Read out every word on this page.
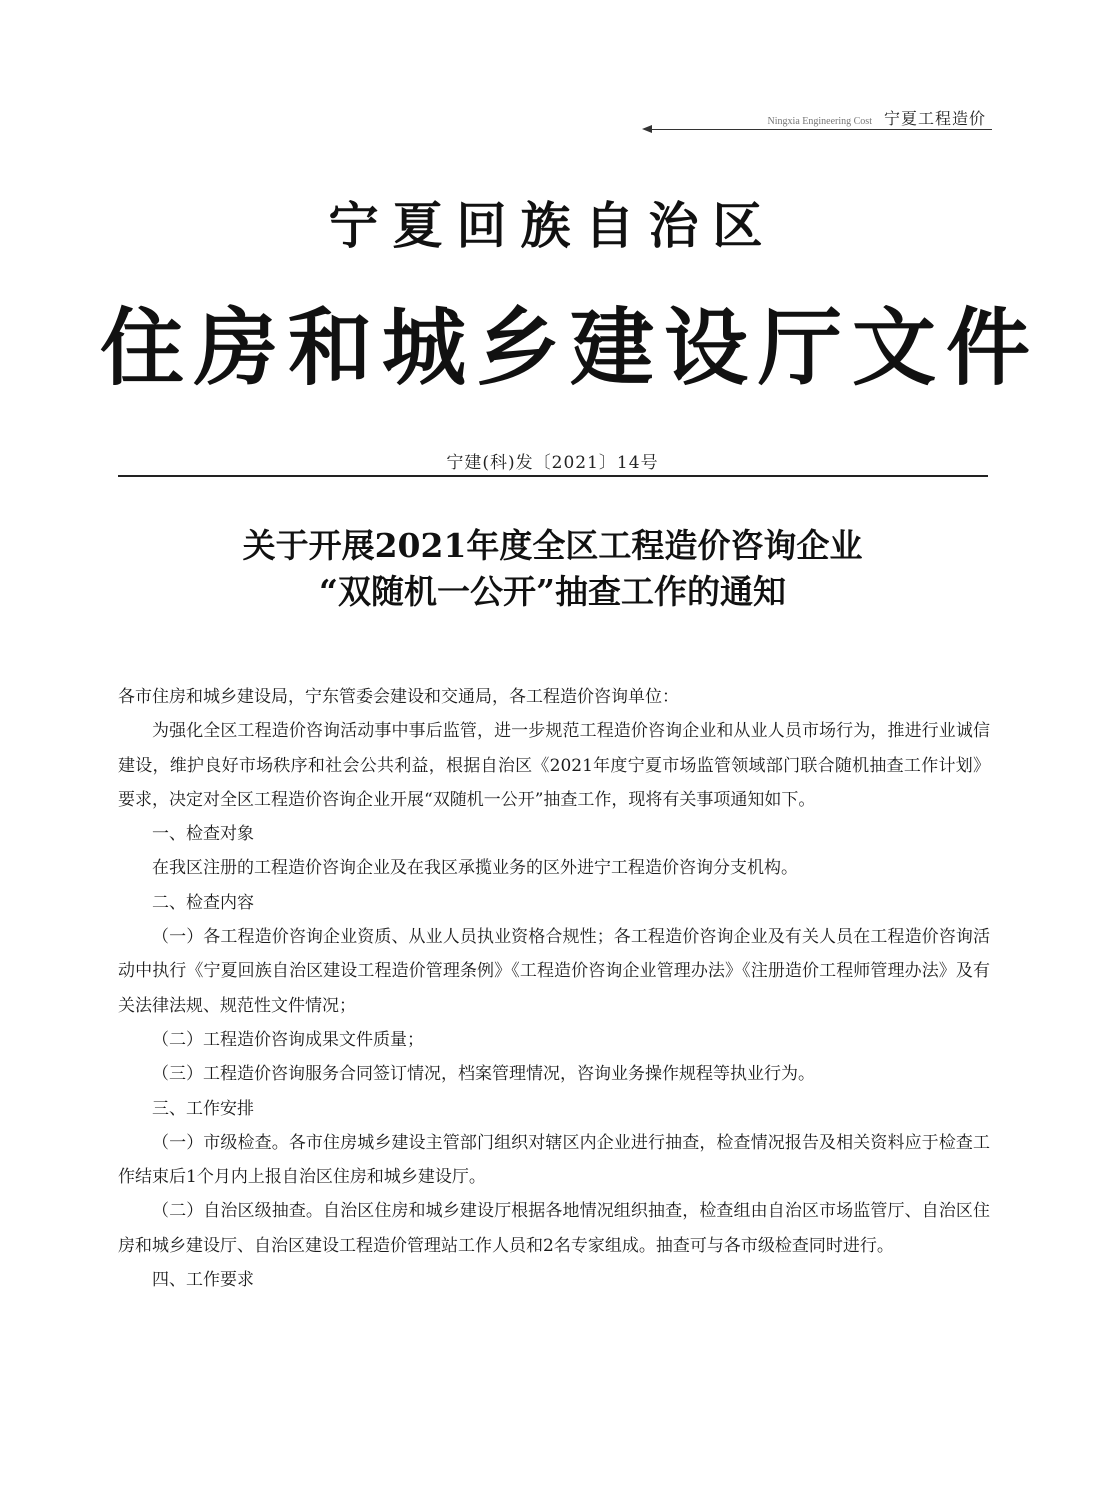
Ningxia Engineering Cost 宁夏工程造价
宁夏回族自治区
住房和城乡建设厅文件
宁建(科)发〔2021〕14号
关于开展2021年度全区工程造价咨询企业
“双随机一公开”抽查工作的通知

各市住房和城乡建设局，宁东管委会建设和交通局，各工程造价咨询单位：

为强化全区工程造价咨询活动事中事后监管，进一步规范工程造价咨询企业和从业人员市场行为，推进行业诚信建设，维护良好市场秩序和社会公共利益，根据自治区《2021年度宁夏市场监管领域部门联合随机抽查工作计划》要求，决定对全区工程造价咨询企业开展“双随机一公开”抽查工作，现将有关事项通知如下。

一、检查对象

在我区注册的工程造价咨询企业及在我区承揽业务的区外进宁工程造价咨询分支机构。

二、检查内容

（一）各工程造价咨询企业资质、从业人员执业资格合规性；各工程造价咨询企业及有关人员在工程造价咨询活动中执行《宁夏回族自治区建设工程造价管理条例》《工程造价咨询企业管理办法》《注册造价工程师管理办法》及有关法律法规、规范性文件情况；

（二）工程造价咨询成果文件质量；

（三）工程造价咨询服务合同签订情况，档案管理情况，咨询业务操作规程等执业行为。

三、工作安排

（一）市级检查。各市住房城乡建设主管部门组织对辖区内企业进行抽查，检查情况报告及相关资料应于检查工作结束后1个月内上报自治区住房和城乡建设厅。

（二）自治区级抽查。自治区住房和城乡建设厅根据各地情况组织抽查，检查组由自治区市场监管厅、自治区住房和城乡建设厅、自治区建设工程造价管理站工作人员和2名专家组成。抽查可与各市级检查同时进行。

四、工作要求
